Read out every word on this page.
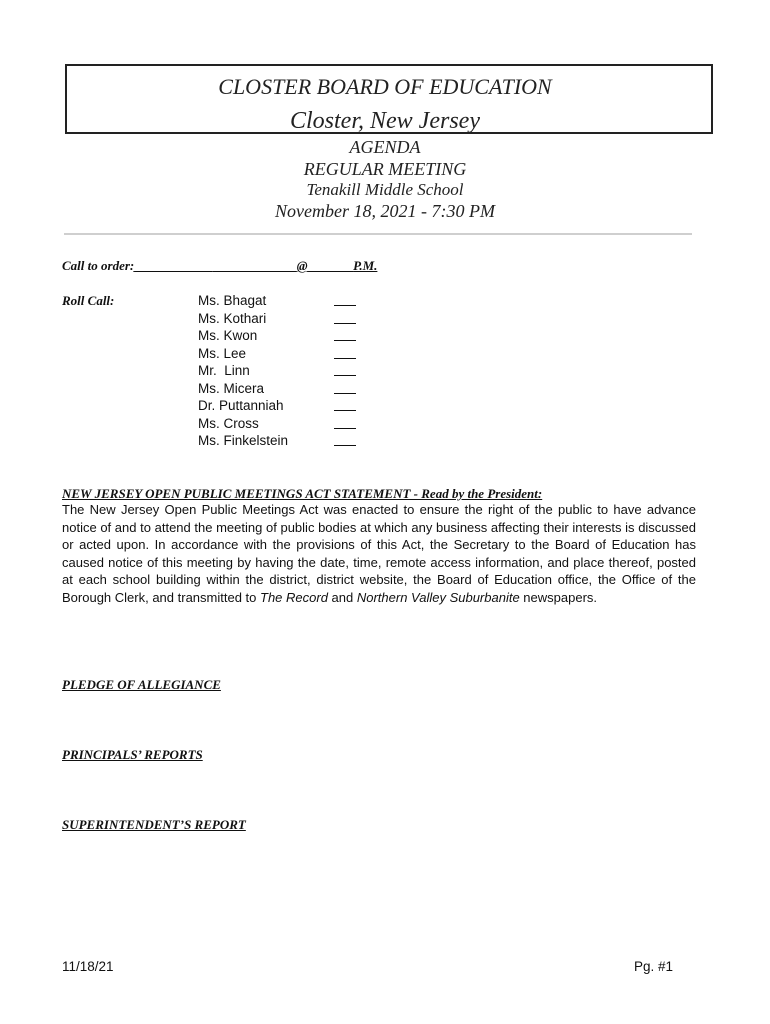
CLOSTER BOARD OF EDUCATION
Closter, New Jersey
AGENDA
REGULAR MEETING
Tenakill Middle School
November 18, 2021 - 7:30 PM
Call to order:____________	@	P.M.
Roll Call:	Ms. Bhagat
Ms. Kothari
Ms. Kwon
Ms. Lee
Mr.  Linn
Ms. Micera
Dr. Puttanniah
Ms. Cross
Ms. Finkelstein
NEW JERSEY OPEN PUBLIC MEETINGS ACT STATEMENT - Read by the President:
The New Jersey Open Public Meetings Act was enacted to ensure the right of the public to have advance notice of and to attend the meeting of public bodies at which any business affecting their interests is discussed or acted upon. In accordance with the provisions of this Act, the Secretary to the Board of Education has caused notice of this meeting by having the date, time, remote access information, and place thereof, posted at each school building within the district, district website, the Board of Education office, the Office of the Borough Clerk, and transmitted to The Record and Northern Valley Suburbanite newspapers.
PLEDGE OF ALLEGIANCE
PRINCIPALS’ REPORTS
SUPERINTENDENT’S REPORT
11/18/21	Pg. #1
